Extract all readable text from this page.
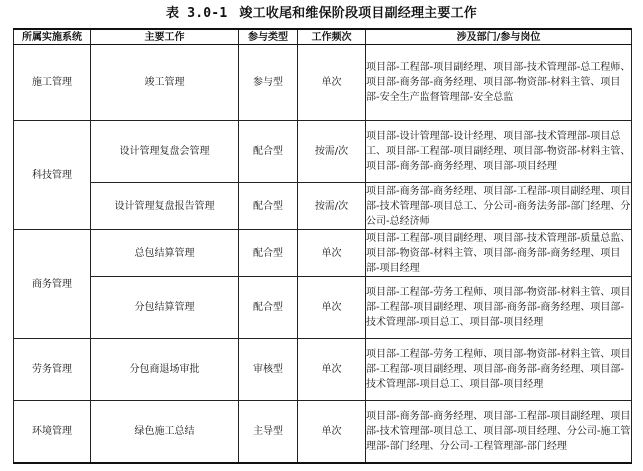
表 3.0-1 竣工收尾和维保阶段项目副经理主要工作
所属实施系统	主要工作	参与类型	工作频次	涉及部门/参与岗位
施工管理	竣工管理	参与型	单次	项目部-工程部-项目副经理、项目部-技术管理部-总工程师、项目部-商务部-商务经理、项目部-物资部-材料主管、项目部-安全生产监督管理部-安全总监
科技管理	设计管理复盘会管理	配合型	按需/次	项目部-设计管理部-设计经理、项目部-技术管理部-项目总工、项目部-工程部-项目副经理、项目部-物资部-材料主管、项目部-商务部-商务经理、项目部-项目经理
	设计管理复盘报告管理	配合型	按需/次	项目部-商务部-商务经理、项目部-工程部-项目副经理、项目部-技术管理部-项目总工、分公司-商务法务部-部门经理、分公司-总经济师
商务管理	总包结算管理	配合型	单次	项目部-工程部-项目副经理、项目部-技术管理部-质量总监、项目部-物资部-材料主管、项目部-商务部-商务经理、项目部-项目经理
	分包结算管理	配合型	单次	项目部-工程部-劳务工程师、项目部-物资部-材料主管、项目部-工程部-项目副经理、项目部-商务部-商务经理、项目部-技术管理部-项目总工、项目部-项目经理
劳务管理	分包商退场审批	审核型	单次	项目部-工程部-劳务工程师、项目部-物资部-材料主管、项目部-工程部-项目副经理、项目部-商务部-商务经理、项目部-技术管理部-项目总工、项目部-项目经理
环境管理	绿色施工总结	主导型	单次	项目部-商务部-商务经理、项目部-工程部-项目副经理、项目部-技术管理部-项目总工、项目部-项目经理、分公司-施工管理部-部门经理、分公司-工程管理部-部门经理
